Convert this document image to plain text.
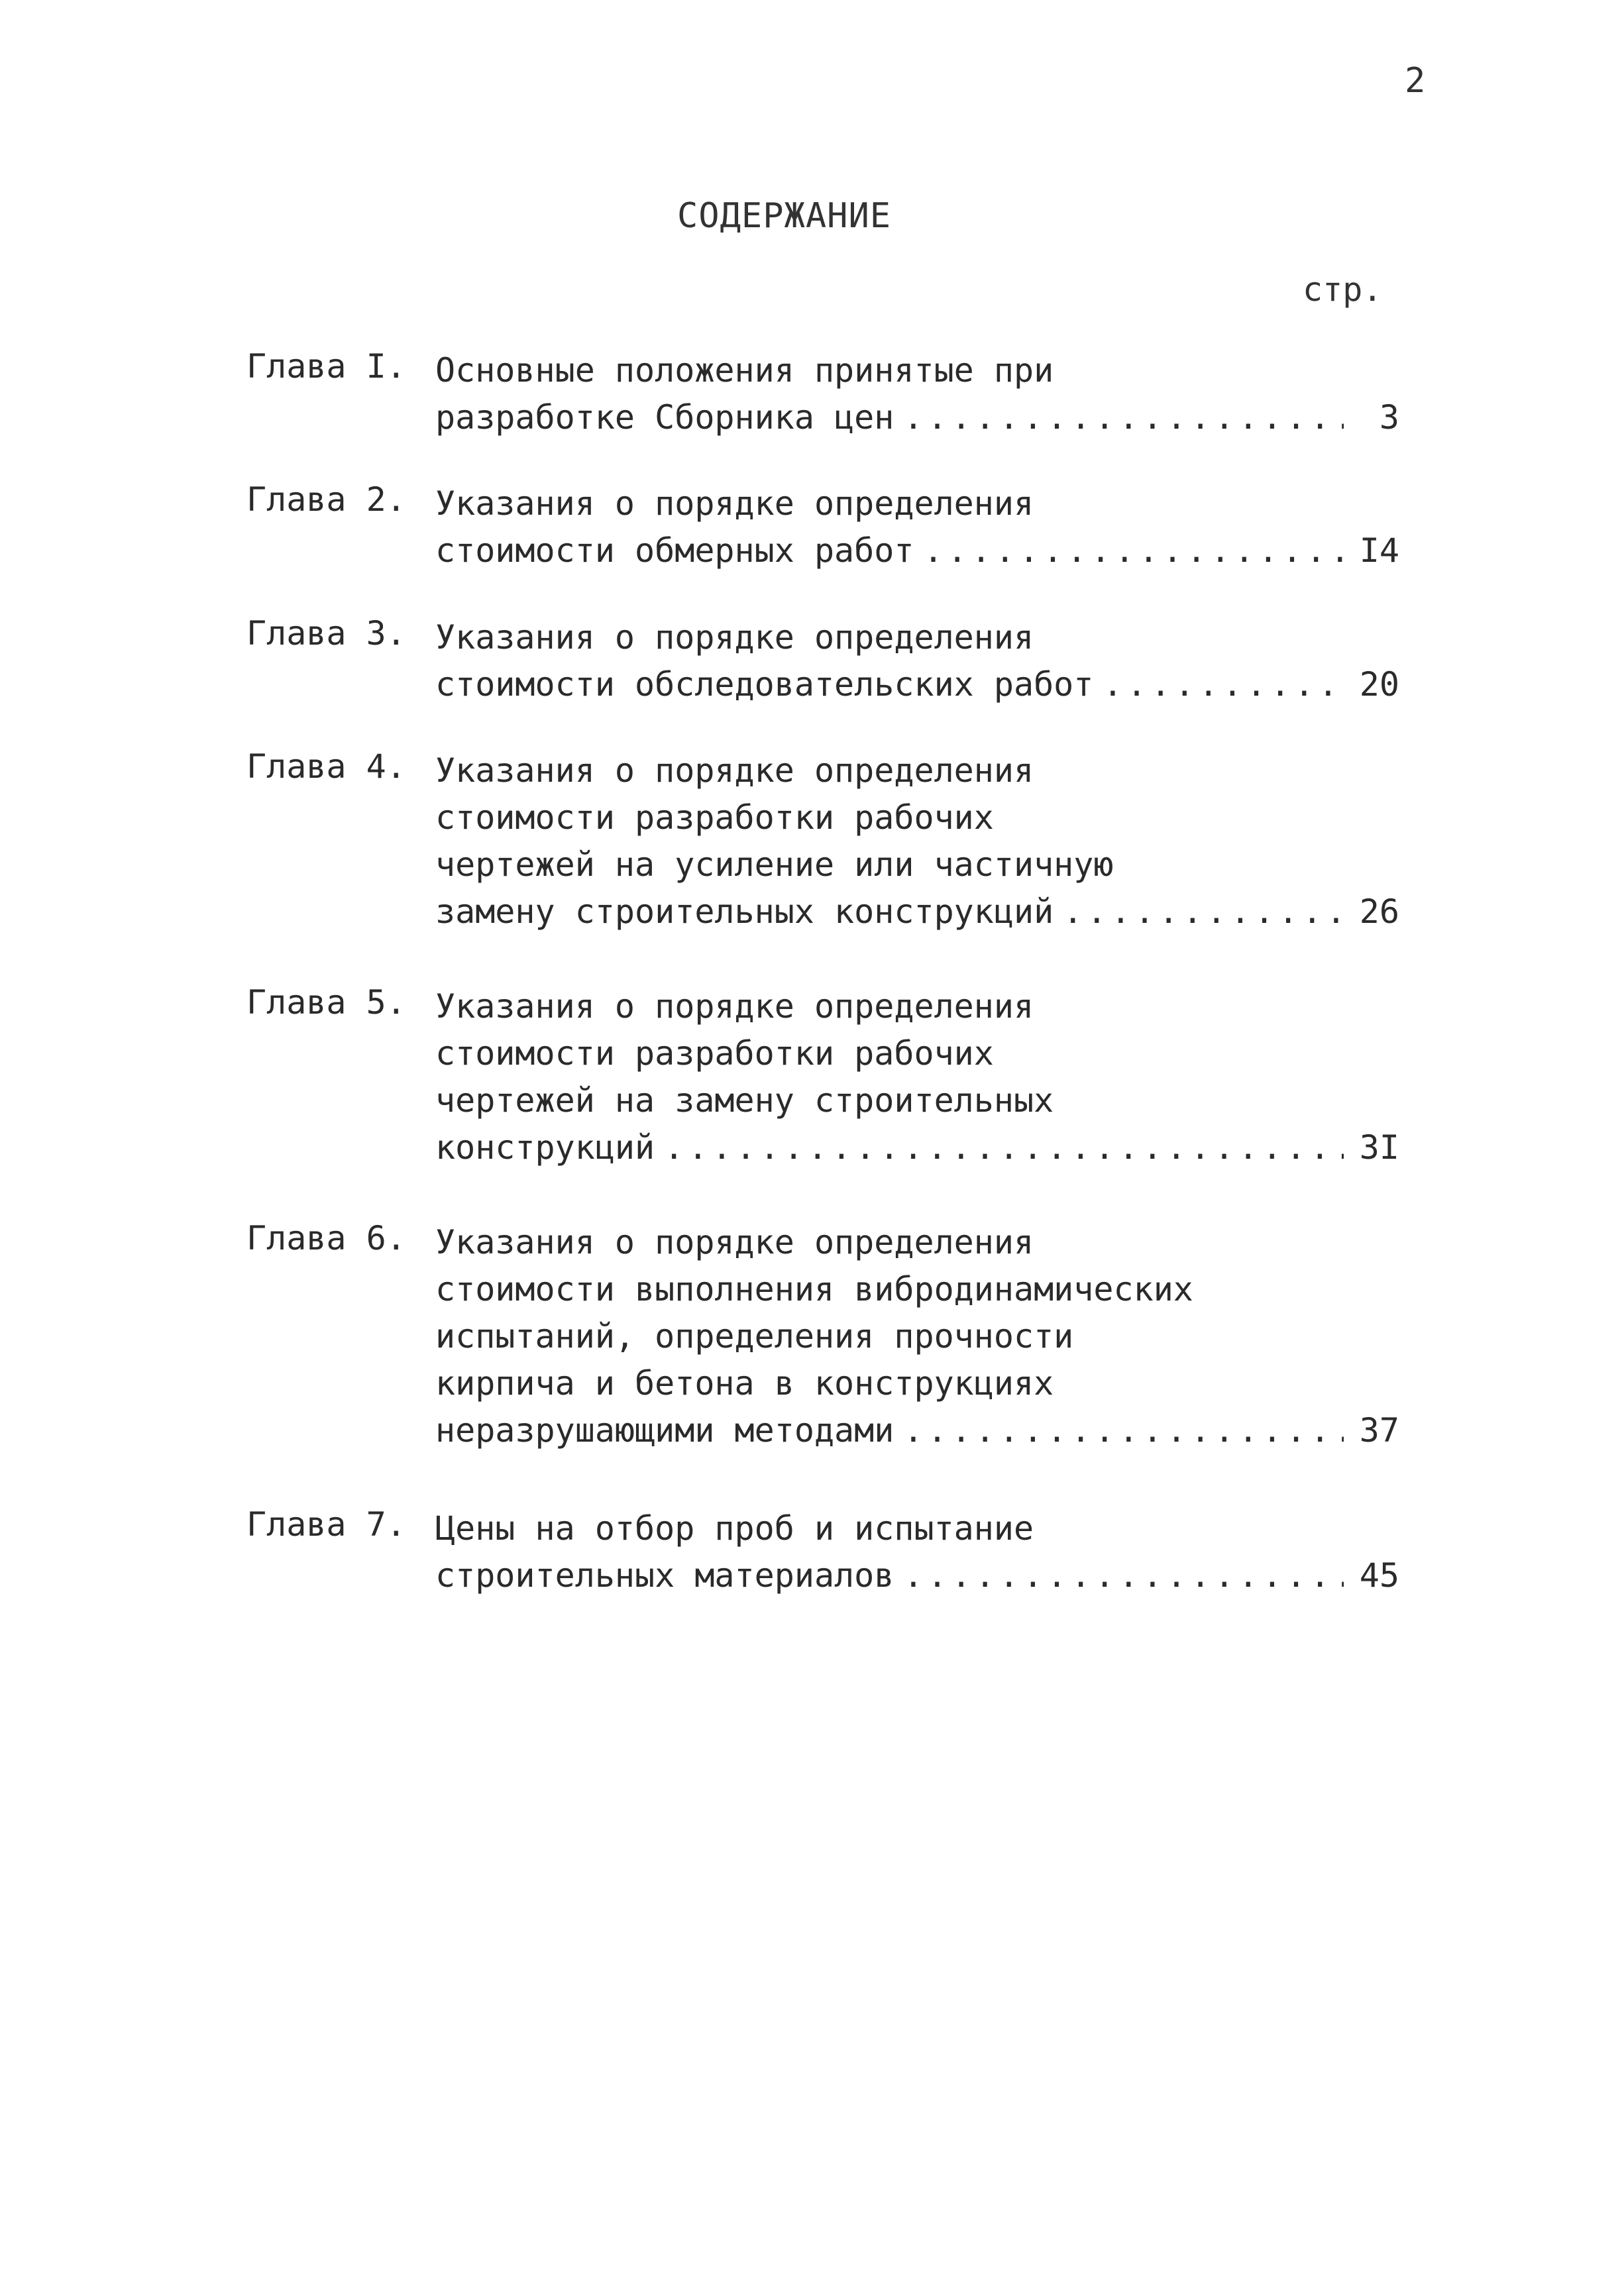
2
СОДЕРЖАНИЕ
стр.
Глава I. Основные положения принятые при
разработке Сборника цен .....	3
Глава 2. Указания о порядке определения
стоимости обмерных работ .....	I4
Глава 3. Указания о порядке определения
стоимости обследовательских работ .....	20
Глава 4. Указания о порядке определения
стоимости разработки рабочих
чертежей на усиление или частичную
замену строительных конструкций .....	26
Глава 5. Указания о порядке определения
стоимости разработки рабочих
чертежей на замену строительных
конструкций .....	3I
Глава 6. Указания о порядке определения
стоимости выполнения вибродинамических
испытаний, определения прочности
кирпича и бетона в конструкциях
неразрушающими методами .....	37
Глава 7. Цены на отбор проб и испытание
строительных материалов .....	45
